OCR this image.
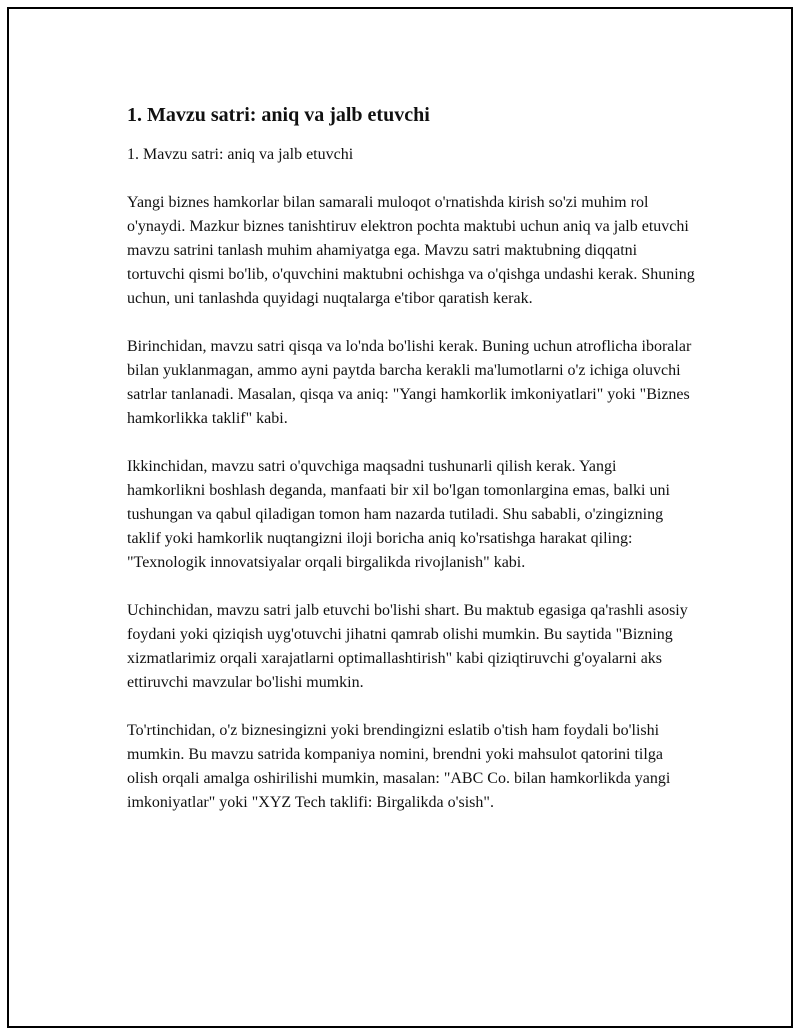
1. Mavzu satri: aniq va jalb etuvchi

1. Mavzu satri: aniq va jalb etuvchi

Yangi biznes hamkorlar bilan samarali muloqot o'rnatishda kirish so'zi muhim rol o'ynaydi. Mazkur biznes tanishtiruv elektron pochta maktubi uchun aniq va jalb etuvchi mavzu satrini tanlash muhim ahamiyatga ega. Mavzu satri maktubning diqqatni tortuvchi qismi bo'lib, o'quvchini maktubni ochishga va o'qishga undashi kerak. Shuning uchun, uni tanlashda quyidagi nuqtalarga e'tibor qaratish kerak.

Birinchidan, mavzu satri qisqa va lo'nda bo'lishi kerak. Buning uchun atroflicha iboralar bilan yuklanmagan, ammo ayni paytda barcha kerakli ma'lumotlarni o'z ichiga oluvchi satrlar tanlanadi. Masalan, qisqa va aniq: "Yangi hamkorlik imkoniyatlari" yoki "Biznes hamkorlikka taklif" kabi.

Ikkinchidan, mavzu satri o'quvchiga maqsadni tushunarli qilish kerak. Yangi hamkorlikni boshlash deganda, manfaati bir xil bo'lgan tomonlargina emas, balki uni tushungan va qabul qiladigan tomon ham nazarda tutiladi. Shu sababli, o'zingizning taklif yoki hamkorlik nuqtangizni iloji boricha aniq ko'rsatishga harakat qiling: "Texnologik innovatsiyalar orqali birgalikda rivojlanish" kabi.

Uchinchidan, mavzu satri jalb etuvchi bo'lishi shart. Bu maktub egasiga qa'rashli asosiy foydani yoki qiziqish uyg'otuvchi jihatni qamrab olishi mumkin. Bu saytida "Bizning xizmatlarimiz orqali xarajatlarni optimallashtirish" kabi qiziqtiruvchi g'oyalarni aks ettiruvchi mavzular bo'lishi mumkin.

To'rtinchidan, o'z biznesingizni yoki brendingizni eslatib o'tish ham foydali bo'lishi mumkin. Bu mavzu satrida kompaniya nomini, brendni yoki mahsulot qatorini tilga olish orqali amalga oshirilishi mumkin, masalan: "ABC Co. bilan hamkorlikda yangi imkoniyatlar" yoki "XYZ Tech taklifi: Birgalikda o'sish".
